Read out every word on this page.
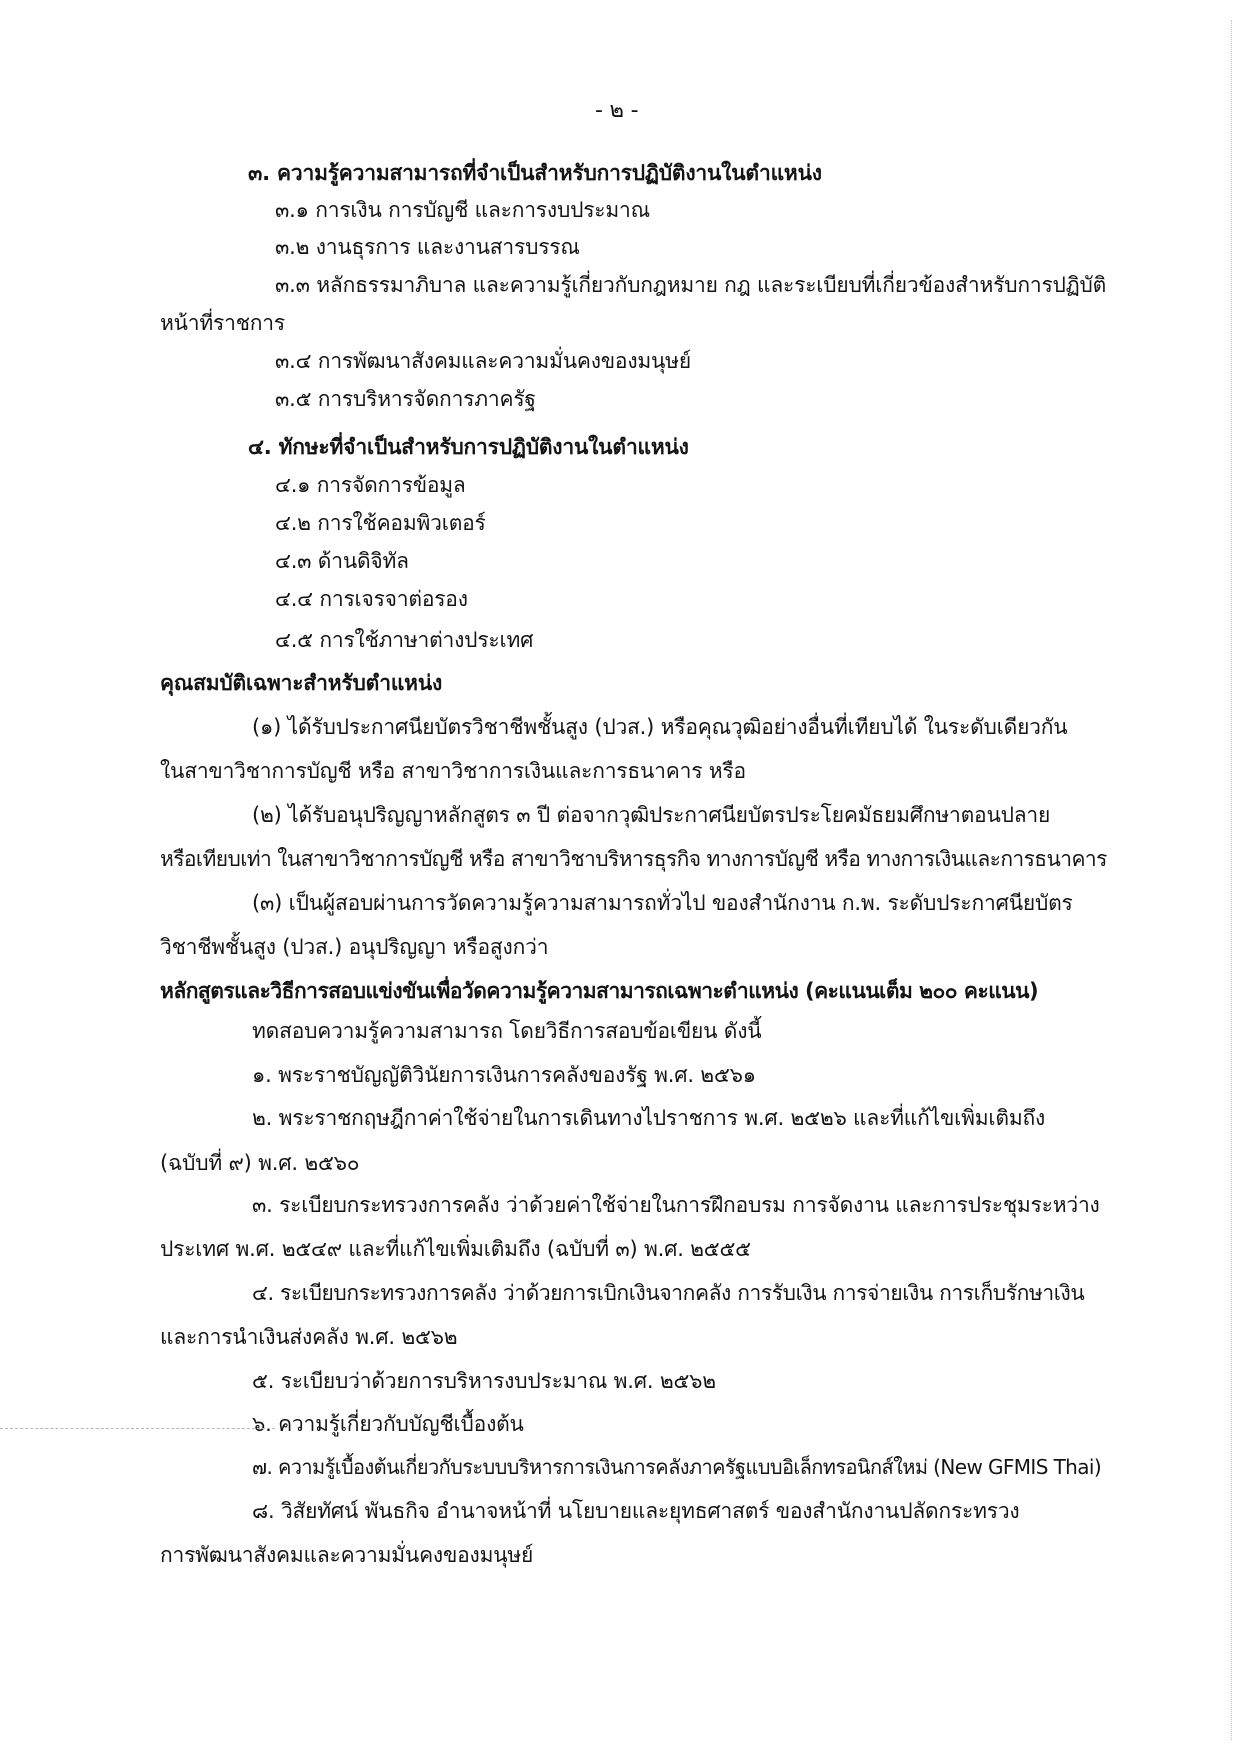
- ๒ -
๓. ความรู้ความสามารถที่จำเป็นสำหรับการปฏิบัติงานในตำแหน่ง
๓.๑ การเงิน การบัญชี และการงบประมาณ
๓.๒ งานธุรการ และงานสารบรรณ
๓.๓ หลักธรรมาภิบาล และความรู้เกี่ยวกับกฎหมาย กฎ และระเบียบที่เกี่ยวข้องสำหรับการปฏิบัติ
หน้าที่ราชการ
๓.๔ การพัฒนาสังคมและความมั่นคงของมนุษย์
๓.๕ การบริหารจัดการภาครัฐ
๔. ทักษะที่จำเป็นสำหรับการปฏิบัติงานในตำแหน่ง
๔.๑ การจัดการข้อมูล
๔.๒ การใช้คอมพิวเตอร์
๔.๓ ด้านดิจิทัล
๔.๔ การเจรจาต่อรอง
๔.๕ การใช้ภาษาต่างประเทศ
คุณสมบัติเฉพาะสำหรับตำแหน่ง
(๑) ได้รับประกาศนียบัตรวิชาชีพชั้นสูง (ปวส.) หรือคุณวุฒิอย่างอื่นที่เทียบได้ ในระดับเดียวกัน
ในสาขาวิชาการบัญชี หรือ สาขาวิชาการเงินและการธนาคาร หรือ
(๒) ได้รับอนุปริญญาหลักสูตร ๓ ปี ต่อจากวุฒิประกาศนียบัตรประโยคมัธยมศึกษาตอนปลาย
หรือเทียบเท่า ในสาขาวิชาการบัญชี หรือ สาขาวิชาบริหารธุรกิจ ทางการบัญชี หรือ ทางการเงินและการธนาคาร
(๓) เป็นผู้สอบผ่านการวัดความรู้ความสามารถทั่วไป ของสำนักงาน ก.พ. ระดับประกาศนียบัตร
วิชาชีพชั้นสูง (ปวส.) อนุปริญญา หรือสูงกว่า
หลักสูตรและวิธีการสอบแข่งขันเพื่อวัดความรู้ความสามารถเฉพาะตำแหน่ง (คะแนนเต็ม ๒๐๐ คะแนน)
ทดสอบความรู้ความสามารถ โดยวิธีการสอบข้อเขียน ดังนี้
๑. พระราชบัญญัติวินัยการเงินการคลังของรัฐ พ.ศ. ๒๕๖๑
๒. พระราชกฤษฎีกาค่าใช้จ่ายในการเดินทางไปราชการ พ.ศ. ๒๕๒๖ และที่แก้ไขเพิ่มเติมถึง
(ฉบับที่ ๙) พ.ศ. ๒๕๖๐
๓. ระเบียบกระทรวงการคลัง ว่าด้วยค่าใช้จ่ายในการฝึกอบรม การจัดงาน และการประชุมระหว่าง
ประเทศ พ.ศ. ๒๕๔๙ และที่แก้ไขเพิ่มเติมถึง (ฉบับที่ ๓) พ.ศ. ๒๕๕๕
๔. ระเบียบกระทรวงการคลัง ว่าด้วยการเบิกเงินจากคลัง การรับเงิน การจ่ายเงิน การเก็บรักษาเงิน
และการนำเงินส่งคลัง พ.ศ. ๒๕๖๒
๕. ระเบียบว่าด้วยการบริหารงบประมาณ พ.ศ. ๒๕๖๒
๖. ความรู้เกี่ยวกับบัญชีเบื้องต้น
๗. ความรู้เบื้องต้นเกี่ยวกับระบบบริหารการเงินการคลังภาครัฐแบบอิเล็กทรอนิกส์ใหม่ (New GFMIS Thai)
๘. วิสัยทัศน์ พันธกิจ อำนาจหน้าที่ นโยบายและยุทธศาสตร์ ของสำนักงานปลัดกระทรวง
การพัฒนาสังคมและความมั่นคงของมนุษย์
